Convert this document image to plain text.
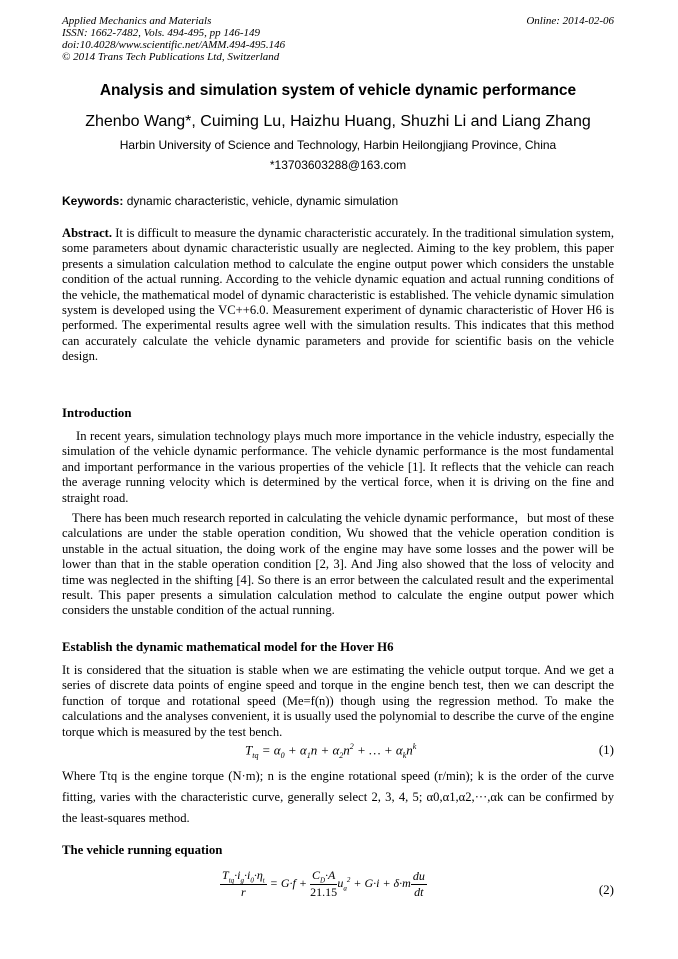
Applied Mechanics and Materials
ISSN: 1662-7482, Vols. 494-495, pp 146-149
doi:10.4028/www.scientific.net/AMM.494-495.146
© 2014 Trans Tech Publications Ltd, Switzerland
Online: 2014-02-06
Analysis and simulation system of vehicle dynamic performance
Zhenbo Wang*, Cuiming Lu, Haizhu Huang, Shuzhi Li and Liang Zhang
Harbin University of Science and Technology, Harbin Heilongjiang Province, China
*13703603288@163.com
Keywords: dynamic characteristic, vehicle, dynamic simulation

Abstract. It is difficult to measure the dynamic characteristic accurately. In the traditional simulation system, some parameters about dynamic characteristic usually are neglected. Aiming to the key problem, this paper presents a simulation calculation method to calculate the engine output power which considers the unstable condition of the actual running. According to the vehicle dynamic equation and actual running conditions of the vehicle, the mathematical model of dynamic characteristic is established. The vehicle dynamic simulation system is developed using the VC++6.0. Measurement experiment of dynamic characteristic of Hover H6 is performed. The experimental results agree well with the simulation results. This indicates that this method can accurately calculate the vehicle dynamic parameters and provide for scientific basis on the vehicle design.

Introduction

In recent years, simulation technology plays much more importance in the vehicle industry, especially the simulation of the vehicle dynamic performance. The vehicle dynamic performance is the most fundamental and important performance in the various properties of the vehicle [1]. It reflects that the vehicle can reach the average running velocity which is determined by the vertical force, when it is driving on the fine and straight road.

There has been much research reported in calculating the vehicle dynamic performance，but most of these calculations are under the stable operation condition, Wu showed that the vehicle operation condition is unstable in the actual situation, the doing work of the engine may have some losses and the power will be lower than that in the stable operation condition [2, 3]. And Jing also showed that the loss of velocity and time was neglected in the shifting [4]. So there is an error between the calculated result and the experimental result. This paper presents a simulation calculation method to calculate the engine output power which considers the unstable condition of the actual running.

Establish the dynamic mathematical model for the Hover H6

It is considered that the situation is stable when we are estimating the vehicle output torque. And we get a series of discrete data points of engine speed and torque in the engine bench test, then we can descript the function of torque and rotational speed (Me=f(n)) though using the regression method. To make the calculations and the analyses convenient, it is usually used the polynomial to describe the curve of the engine torque which is measured by the test bench.

$T_{tq} = \alpha_0 + \alpha_1n + \alpha_2n^2$ + … + $\alpha_kn^k$	(1)

Where Ttq is the engine torque (N·m); n is the engine rotational speed (r/min); k is the order of the curve fitting, varies with the characteristic curve, generally select 2, 3, 4, 5; α0,α1,α2,···,αk can be confirmed by the least-squares method.

The vehicle running equation
$\frac{T_{tq}\cdot i_g\cdot i_0\cdot\eta_t}{r} = G\cdot f + \frac{C_D\cdot A}{21.15} u_a^2 + G\cdot i + \delta\cdot m \frac{du}{dt}$	(2)
